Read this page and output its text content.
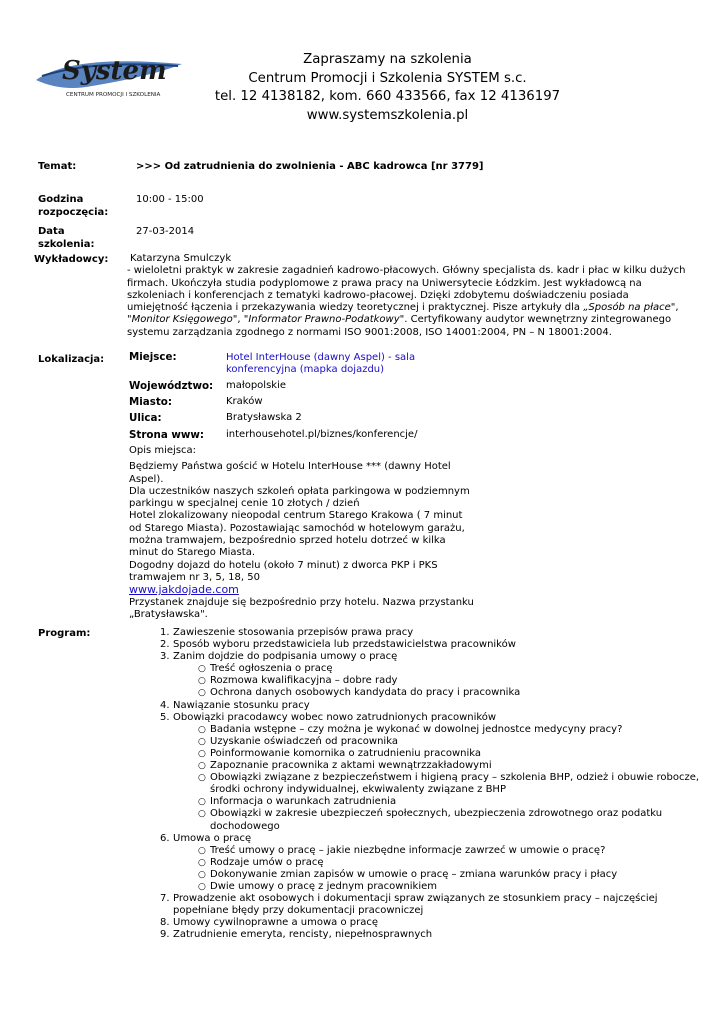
System
CENTRUM PROMOCJI I SZKOLENIA
Zapraszamy na szkolenia
Centrum Promocji i Szkolenia SYSTEM s.c.
tel. 12 4138182, kom. 660 433566, fax 12 4136197
www.systemszkolenia.pl
Temat:	>>> Od zatrudnienia do zwolnienia - ABC kadrowca [nr 3779]
Godzina
rozpoczęcia:
10:00 - 15:00
Data
szkolenia:
27-03-2014
Wykładowcy:	Katarzyna Smulczyk
- wieloletni praktyk w zakresie zagadnień kadrowo-płacowych. Główny specjalista ds. kadr i płac w kilku dużych firmach. Ukończyła studia podyplomowe z prawa pracy na Uniwersytecie Łódzkim. Jest wykładowcą na szkoleniach i konferencjach z tematyki kadrowo-płacowej. Dzięki zdobytemu doświadczeniu posiada umiejętność łączenia i przekazywania wiedzy teoretycznej i praktycznej. Pisze artykuły dla „Sposób na płace", "Monitor Księgowego", "Informator Prawno-Podatkowy". Certyfikowany audytor wewnętrzny zintegrowanego systemu zarządzania zgodnego z normami ISO 9001:2008, ISO 14001:2004, PN – N 18001:2004.
Lokalizacja: Miejsce:	Hotel InterHouse (dawny Aspel) - sala
konferencyjna (mapka dojazdu)
Województwo: małopolskie
Miasto:	Kraków
Ulica:	Bratysławska 2
Strona www: interhousehotel.pl/biznes/konferencje/

Opis miejsca:

Będziemy Państwa gościć w Hotelu InterHouse *** (dawny Hotel Aspel).

Dla uczestników naszych szkoleń opłata parkingowa w podziemnym parkingu w specjalnej cenie 10 złotych / dzień

Hotel zlokalizowany nieopodal centrum Starego Krakowa ( 7 minut od Starego Miasta). Pozostawiając samochód w hotelowym garażu, można tramwajem, bezpośrednio sprzed hotelu dotrzeć w kilka minut do Starego Miasta.

Dogodny dojazd do hotelu (około 7 minut) z dworca PKP i PKS tramwajem nr 3, 5, 18, 50

www.jakdojade.com

Przystanek znajduje się bezpośrednio przy hotelu. Nazwa przystanku „Bratysławska".

Program:	1. Zawieszenie stosowania przepisów prawa pracy
2. Sposób wyboru przedstawiciela lub przedstawicielstwa pracowników
3. Zanim dojdzie do podpisania umowy o pracę
○ Treść ogłoszenia o pracę
○ Rozmowa kwalifikacyjna – dobre rady
○ Ochrona danych osobowych kandydata do pracy i pracownika
4. Nawiązanie stosunku pracy
5. Obowiązki pracodawcy wobec nowo zatrudnionych pracowników
○ Badania wstępne – czy można je wykonać w dowolnej jednostce medycyny pracy?
○ Uzyskanie oświadczeń od pracownika
○ Poinformowanie komornika o zatrudnieniu pracownika
○ Zapoznanie pracownika z aktami wewnątrzzakładowymi
○ Obowiązki związane z bezpieczeństwem i higieną pracy – szkolenia BHP, odzież i obuwie robocze, środki ochrony indywidualnej, ekwiwalenty związane z BHP
○ Informacja o warunkach zatrudnienia
○ Obowiązki w zakresie ubezpieczeń społecznych, ubezpieczenia zdrowotnego oraz podatku dochodowego
6. Umowa o pracę
○ Treść umowy o pracę – jakie niezbędne informacje zawrzeć w umowie o pracę?
○ Rodzaje umów o pracę
○ Dokonywanie zmian zapisów w umowie o pracę – zmiana warunków pracy i płacy
○ Dwie umowy o pracę z jednym pracownikiem
7. Prowadzenie akt osobowych i dokumentacji spraw związanych ze stosunkiem pracy – najczęściej popełniane błędy przy dokumentacji pracowniczej
8. Umowy cywilnoprawne a umowa o pracę
9. Zatrudnienie emeryta, rencisty, niepełnosprawnych
